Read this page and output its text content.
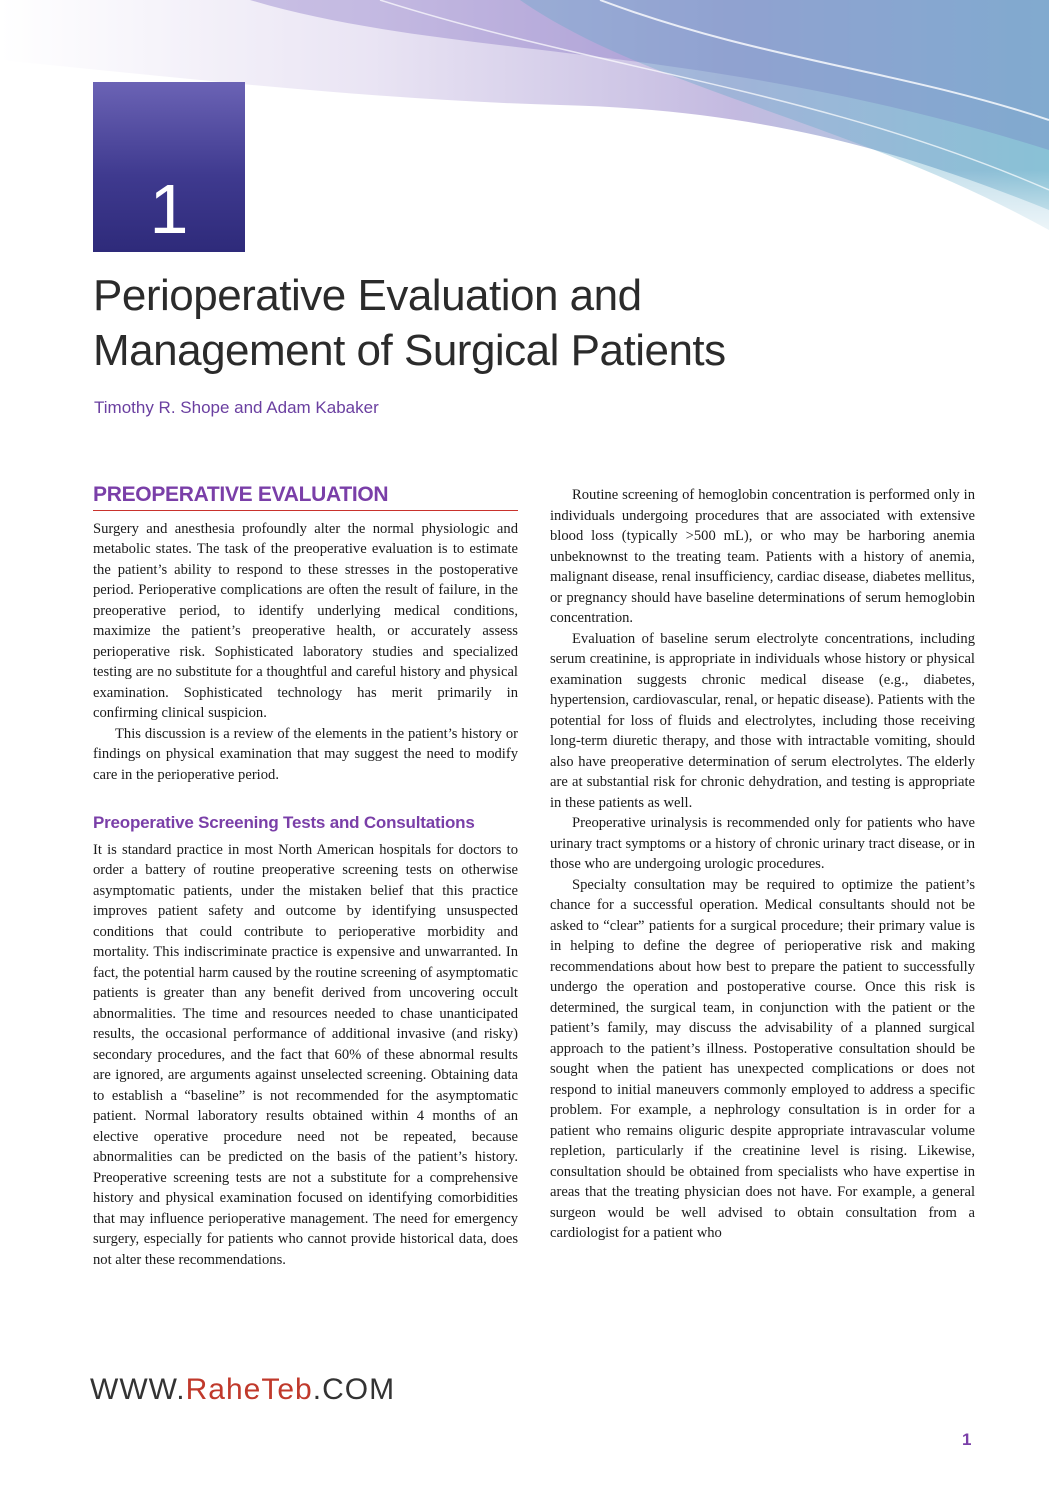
1
Perioperative Evaluation and
Management of Surgical Patients
Timothy R. Shope and Adam Kabaker
PREOPERATIVE EVALUATION

Surgery and anesthesia profoundly alter the normal physiologic and metabolic states. The task of the preoperative evaluation is to estimate the patient’s ability to respond to these stresses in the postoperative period. Perioperative complications are often the result of failure, in the preoperative period, to identify underlying medical conditions, maximize the patient’s preoperative health, or accurately assess perioperative risk. Sophisticated laboratory studies and specialized testing are no substitute for a thoughtful and careful history and physical examination. Sophisticated technology has merit primarily in confirming clinical suspicion.

This discussion is a review of the elements in the patient’s history or findings on physical examination that may suggest the need to modify care in the perioperative period.

Preoperative Screening Tests and Consultations

It is standard practice in most North American hospitals for doctors to order a battery of routine preoperative screening tests on otherwise asymptomatic patients, under the mistaken belief that this practice improves patient safety and outcome by identifying unsuspected conditions that could contribute to perioperative morbidity and mortality. This indiscriminate practice is expensive and unwarranted. In fact, the potential harm caused by the routine screening of asymptomatic patients is greater than any benefit derived from uncovering occult abnormalities. The time and resources needed to chase unanticipated results, the occasional performance of additional invasive (and risky) secondary procedures, and the fact that 60% of these abnormal results are ignored, are arguments against unselected screening. Obtaining data to establish a “baseline” is not recommended for the asymptomatic patient. Normal laboratory results obtained within 4 months of an elective operative procedure need not be repeated, because abnormalities can be predicted on the basis of the patient’s history. Preoperative screening tests are not a substitute for a comprehensive history and physical examination focused on identifying comorbidities that may influence perioperative management. The need for emergency surgery, especially for patients who cannot provide historical data, does not alter these recommendations.

Routine screening of hemoglobin concentration is performed only in individuals undergoing procedures that are associated with extensive blood loss (typically >500 mL), or who may be harboring anemia unbeknownst to the treating team. Patients with a history of anemia, malignant disease, renal insufficiency, cardiac disease, diabetes mellitus, or pregnancy should have baseline determinations of serum hemoglobin concentration.

Evaluation of baseline serum electrolyte concentrations, including serum creatinine, is appropriate in individuals whose history or physical examination suggests chronic medical disease (e.g., diabetes, hypertension, cardiovascular, renal, or hepatic disease). Patients with the potential for loss of fluids and electrolytes, including those receiving long-term diuretic therapy, and those with intractable vomiting, should also have preoperative determination of serum electrolytes. The elderly are at substantial risk for chronic dehydration, and testing is appropriate in these patients as well.

Preoperative urinalysis is recommended only for patients who have urinary tract symptoms or a history of chronic urinary tract disease, or in those who are undergoing urologic procedures.

Specialty consultation may be required to optimize the patient’s chance for a successful operation. Medical consultants should not be asked to “clear” patients for a surgical procedure; their primary value is in helping to define the degree of perioperative risk and making recommendations about how best to prepare the patient to successfully undergo the operation and postoperative course. Once this risk is determined, the surgical team, in conjunction with the patient or the patient’s family, may discuss the advisability of a planned surgical approach to the patient’s illness. Postoperative consultation should be sought when the patient has unexpected complications or does not respond to initial maneuvers commonly employed to address a specific problem. For example, a nephrology consultation is in order for a patient who remains oliguric despite appropriate intravascular volume repletion, particularly if the creatinine level is rising. Likewise, consultation should be obtained from specialists who have expertise in areas that the treating physician does not have. For example, a general surgeon would be well advised to obtain consultation from a cardiologist for a patient who

WWW.RaheTeb.COM
1
